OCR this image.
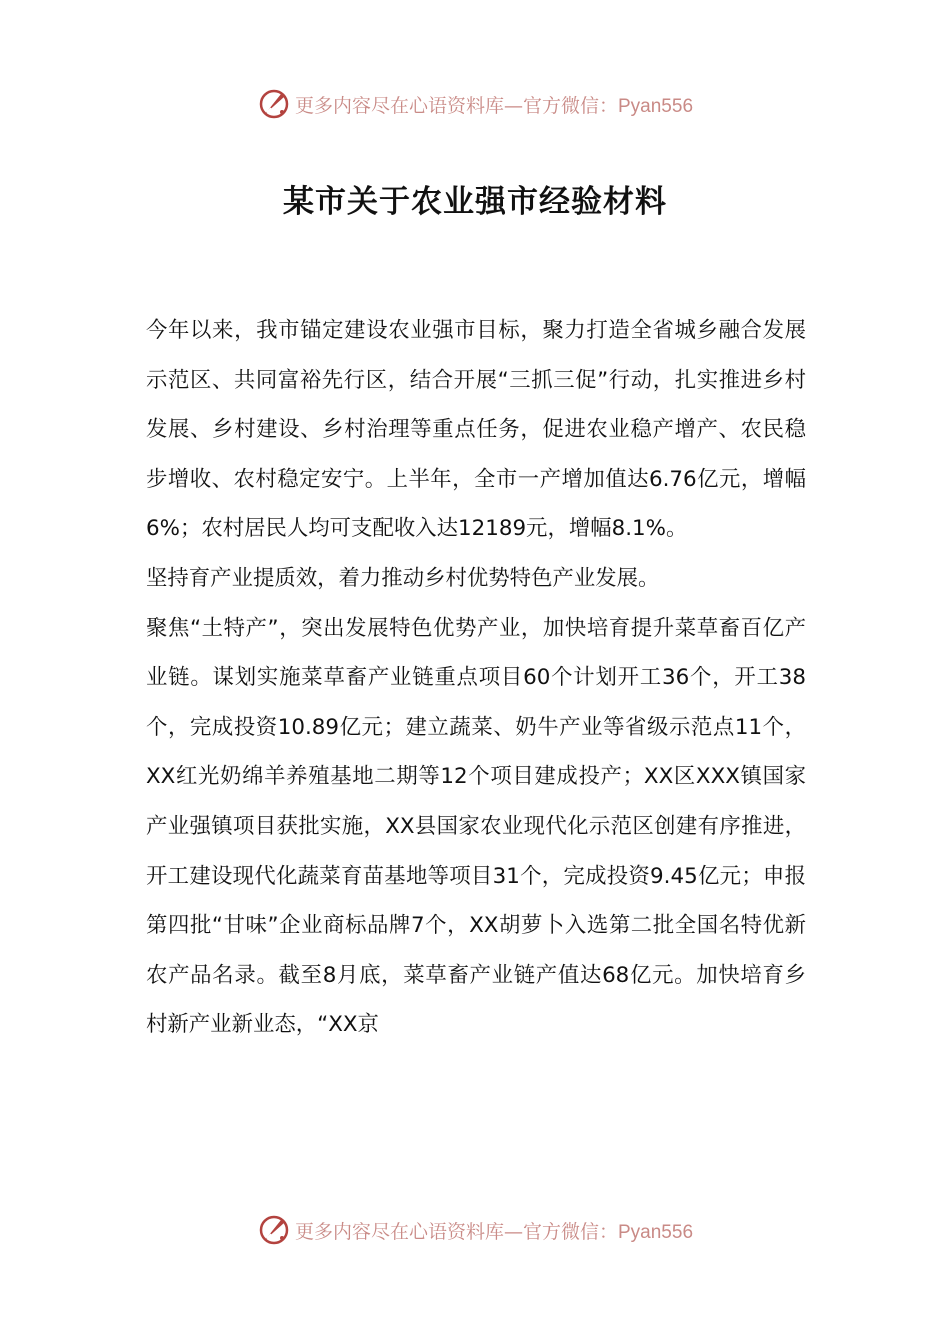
更多内容尽在心语资料库—官方微信：Pyan556
某市关于农业强市经验材料

今年以来，我市锚定建设农业强市目标，聚力打造全省城乡融合发展示范区、共同富裕先行区，结合开展“三抓三促”行动，扎实推进乡村发展、乡村建设、乡村治理等重点任务，促进农业稳产增产、农民稳步增收、农村稳定安宁。上半年，全市一产增加值达6.76亿元，增幅6%；农村居民人均可支配收入达12189元，增幅8.1%。

坚持育产业提质效，着力推动乡村优势特色产业发展。

聚焦“土特产”，突出发展特色优势产业，加快培育提升菜草畜百亿产业链。谋划实施菜草畜产业链重点项目60个计划开工36个，开工38个，完成投资10.89亿元；建立蔬菜、奶牛产业等省级示范点11个，XX红光奶绵羊养殖基地二期等12个项目建成投产；XX区XXX镇国家产业强镇项目获批实施，XX县国家农业现代化示范区创建有序推进，开工建设现代化蔬菜育苗基地等项目31个，完成投资9.45亿元；申报第四批“甘味”企业商标品牌7个，XX胡萝卜入选第二批全国名特优新农产品名录。截至8月底，菜草畜产业链产值达68亿元。加快培育乡村新产业新业态，“XX京

更多内容尽在心语资料库—官方微信：Pyan556
